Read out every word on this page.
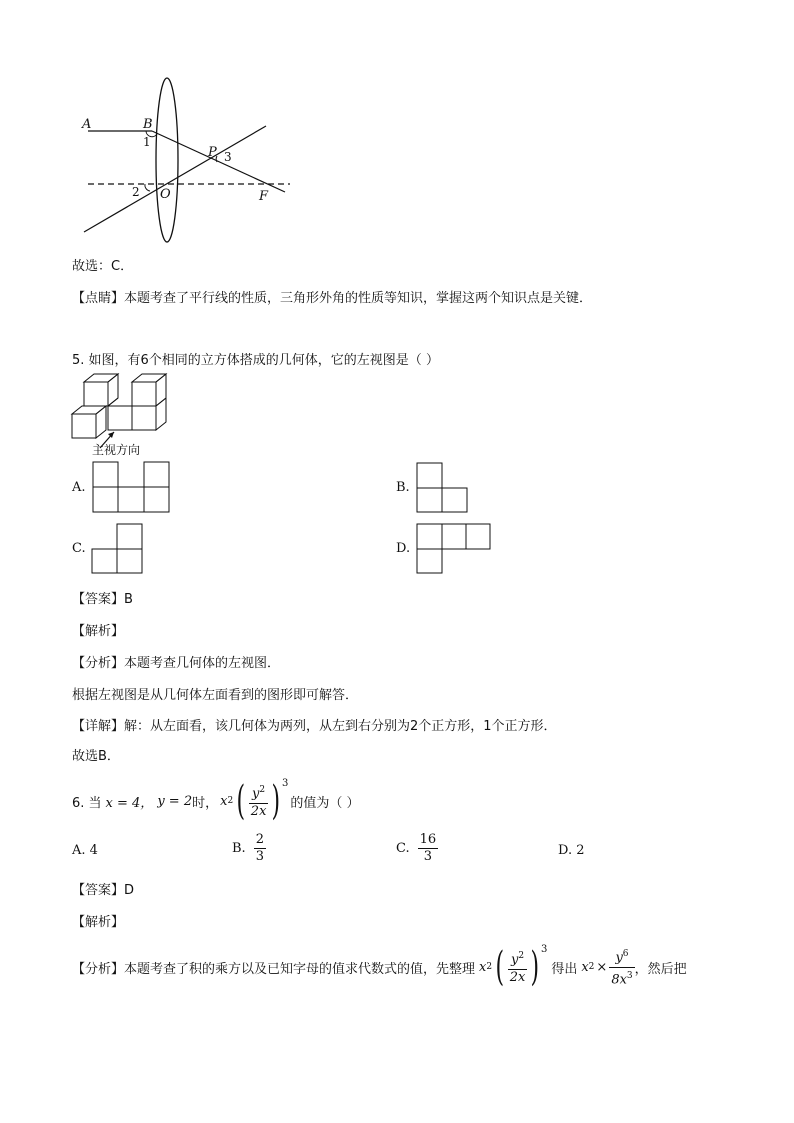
A	B
1
P 3
2 O	F
故选：C．
【点睛】本题考查了平行线的性质，三角形外角的性质等知识，掌握这两个知识点是关键．
5. 如图，有6个相同的立方体搭成的几何体，它的左视图是（ ）
主视方向
A.	B.
C.	D.
【答案】B
【解析】
【分析】本题考查几何体的左视图．
根据左视图是从几何体左面看到的图形即可解答．
【详解】解：从左面看，该几何体为两列，从左到右分别为2个正方形，1个正方形．
故选B．
6. 当 x = 4， y = 2 时， x 2 ( $\frac{y^2}{2x}$ ) 3
的值为（ ）
A. 4	B. $\frac{2}{3}$	C. $\frac{16}{3}$	D. 2
【答案】D
【解析】
【分析】 本题考查了积的乘方以及已知字母的值求代数式的值，先整理 x 2 ( $\frac{y^2}{2x}$ ) 3
得出 x $2 \times \frac{y^6}{8x^3}$ ，然后把
